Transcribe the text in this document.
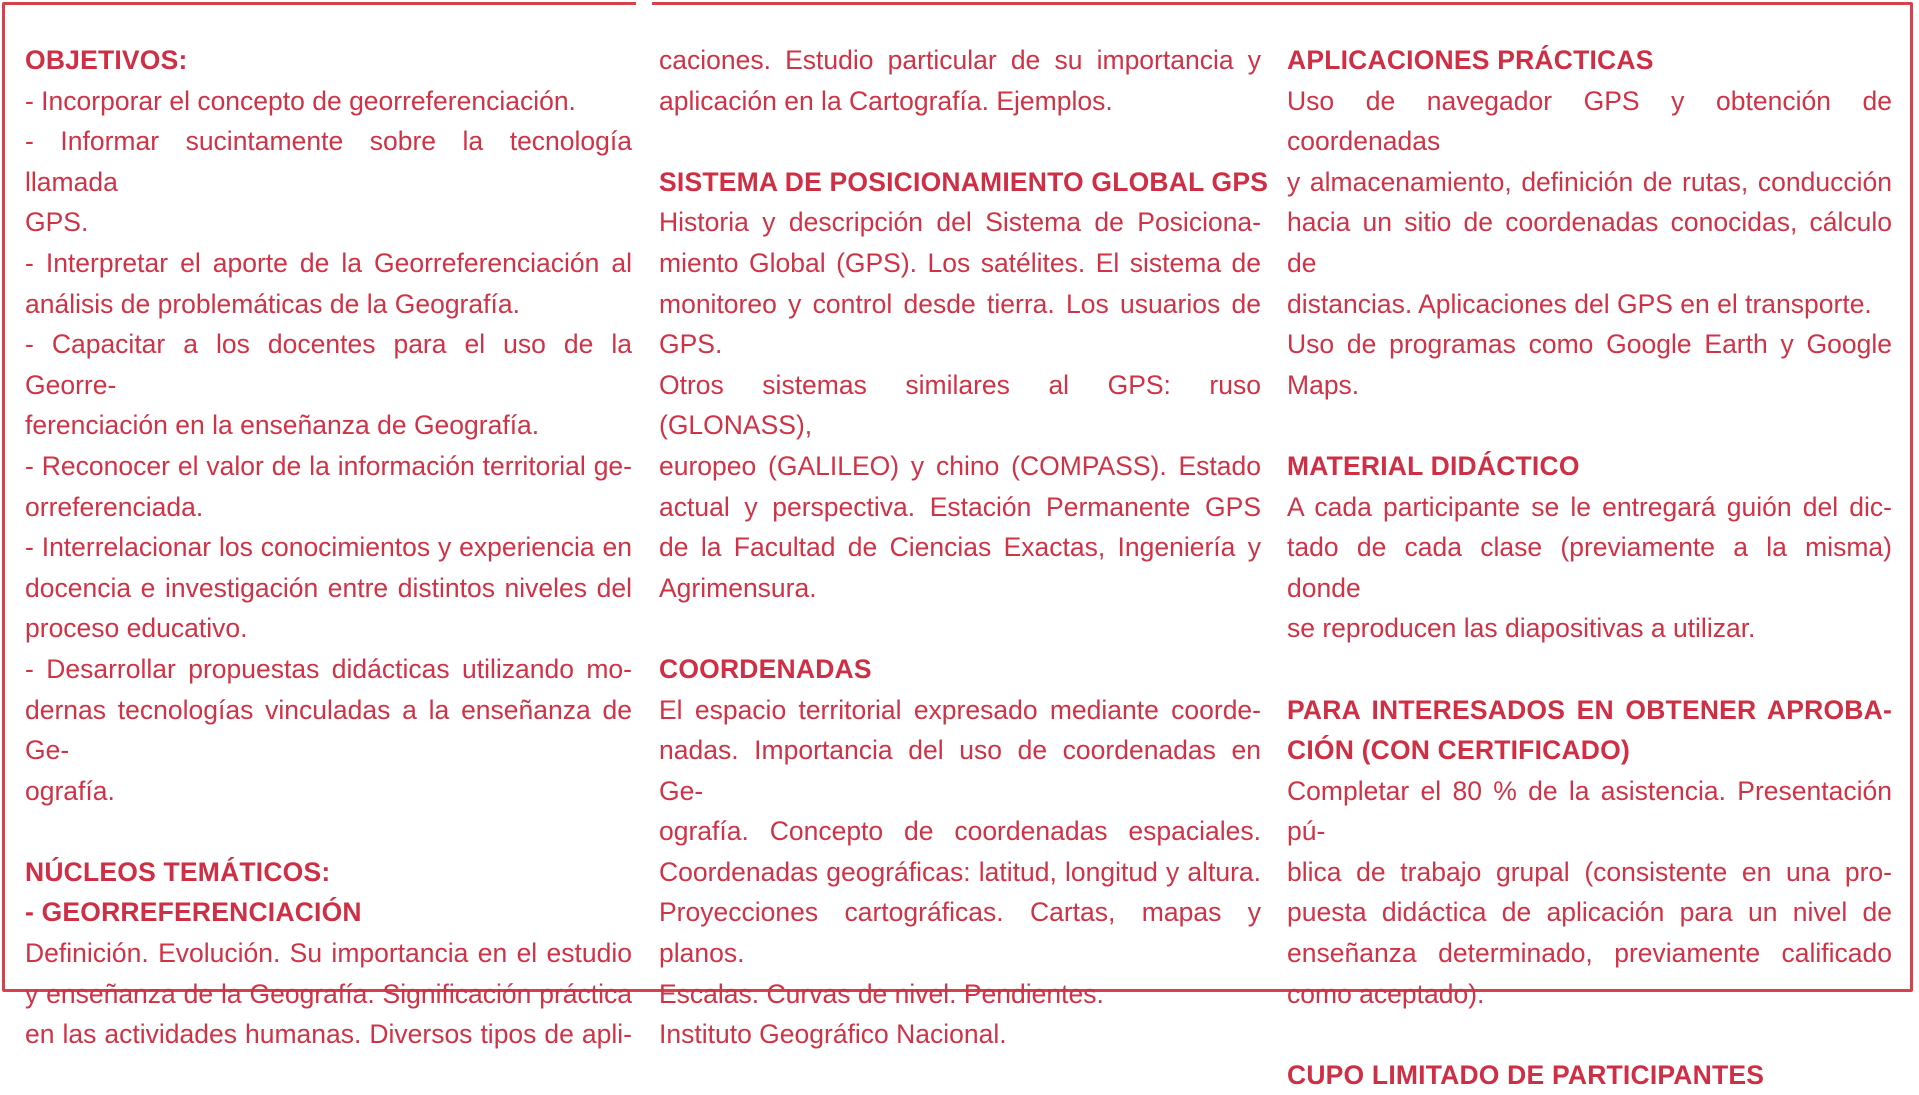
OBJETIVOS:
- Incorporar el concepto de georreferenciación.
- Informar sucintamente sobre la tecnología llamada
GPS.
- Interpretar el aporte de la Georreferenciación al
análisis de problemáticas de la Geografía.
- Capacitar a los docentes para el uso de la Georre-
ferenciación en la enseñanza de Geografía.
- Reconocer el valor de la información territorial ge-
orreferenciada.
- Interrelacionar los conocimientos y experiencia en
docencia e investigación entre distintos niveles del
proceso educativo.
- Desarrollar propuestas didácticas utilizando mo-
dernas tecnologías vinculadas a la enseñanza de Ge-
ografía.
NÚCLEOS TEMÁTICOS:
- GEORREFERENCIACIÓN
Definición. Evolución. Su importancia en el estudio
y enseñanza de la Geografía. Significación práctica
en las actividades humanas. Diversos tipos de apli-
caciones. Estudio particular de su importancia y
aplicación en la Cartografía. Ejemplos.
SISTEMA DE POSICIONAMIENTO GLOBAL GPS
Historia y descripción del Sistema de Posiciona-
miento Global (GPS). Los satélites. El sistema de
monitoreo y control desde tierra. Los usuarios de
GPS.
Otros sistemas similares al GPS: ruso (GLONASS),
europeo (GALILEO) y chino (COMPASS). Estado
actual y perspectiva. Estación Permanente GPS
de la Facultad de Ciencias Exactas, Ingeniería y
Agrimensura.
COORDENADAS
El espacio territorial expresado mediante coorde-
nadas. Importancia del uso de coordenadas en Ge-
ografía. Concepto de coordenadas espaciales.
Coordenadas geográficas: latitud, longitud y altura.
Proyecciones cartográficas. Cartas, mapas y planos.
Escalas. Curvas de nivel. Pendientes.
Instituto Geográfico Nacional.
APLICACIONES PRÁCTICAS
Uso de navegador GPS y obtención de coordenadas
y almacenamiento, definición de rutas, conducción
hacia un sitio de coordenadas conocidas, cálculo de
distancias. Aplicaciones del GPS en el transporte.
Uso de programas como Google Earth y Google
Maps.
MATERIAL DIDÁCTICO
A cada participante se le entregará guión del dic-
tado de cada clase (previamente a la misma) donde
se reproducen las diapositivas a utilizar.
PARA INTERESADOS EN OBTENER APROBA-
CIÓN (CON CERTIFICADO)
Completar el 80 % de la asistencia. Presentación pú-
blica de trabajo grupal (consistente en una pro-
puesta didáctica de aplicación para un nivel de
enseñanza determinado, previamente calificado
como aceptado).
CUPO LIMITADO DE PARTICIPANTES
